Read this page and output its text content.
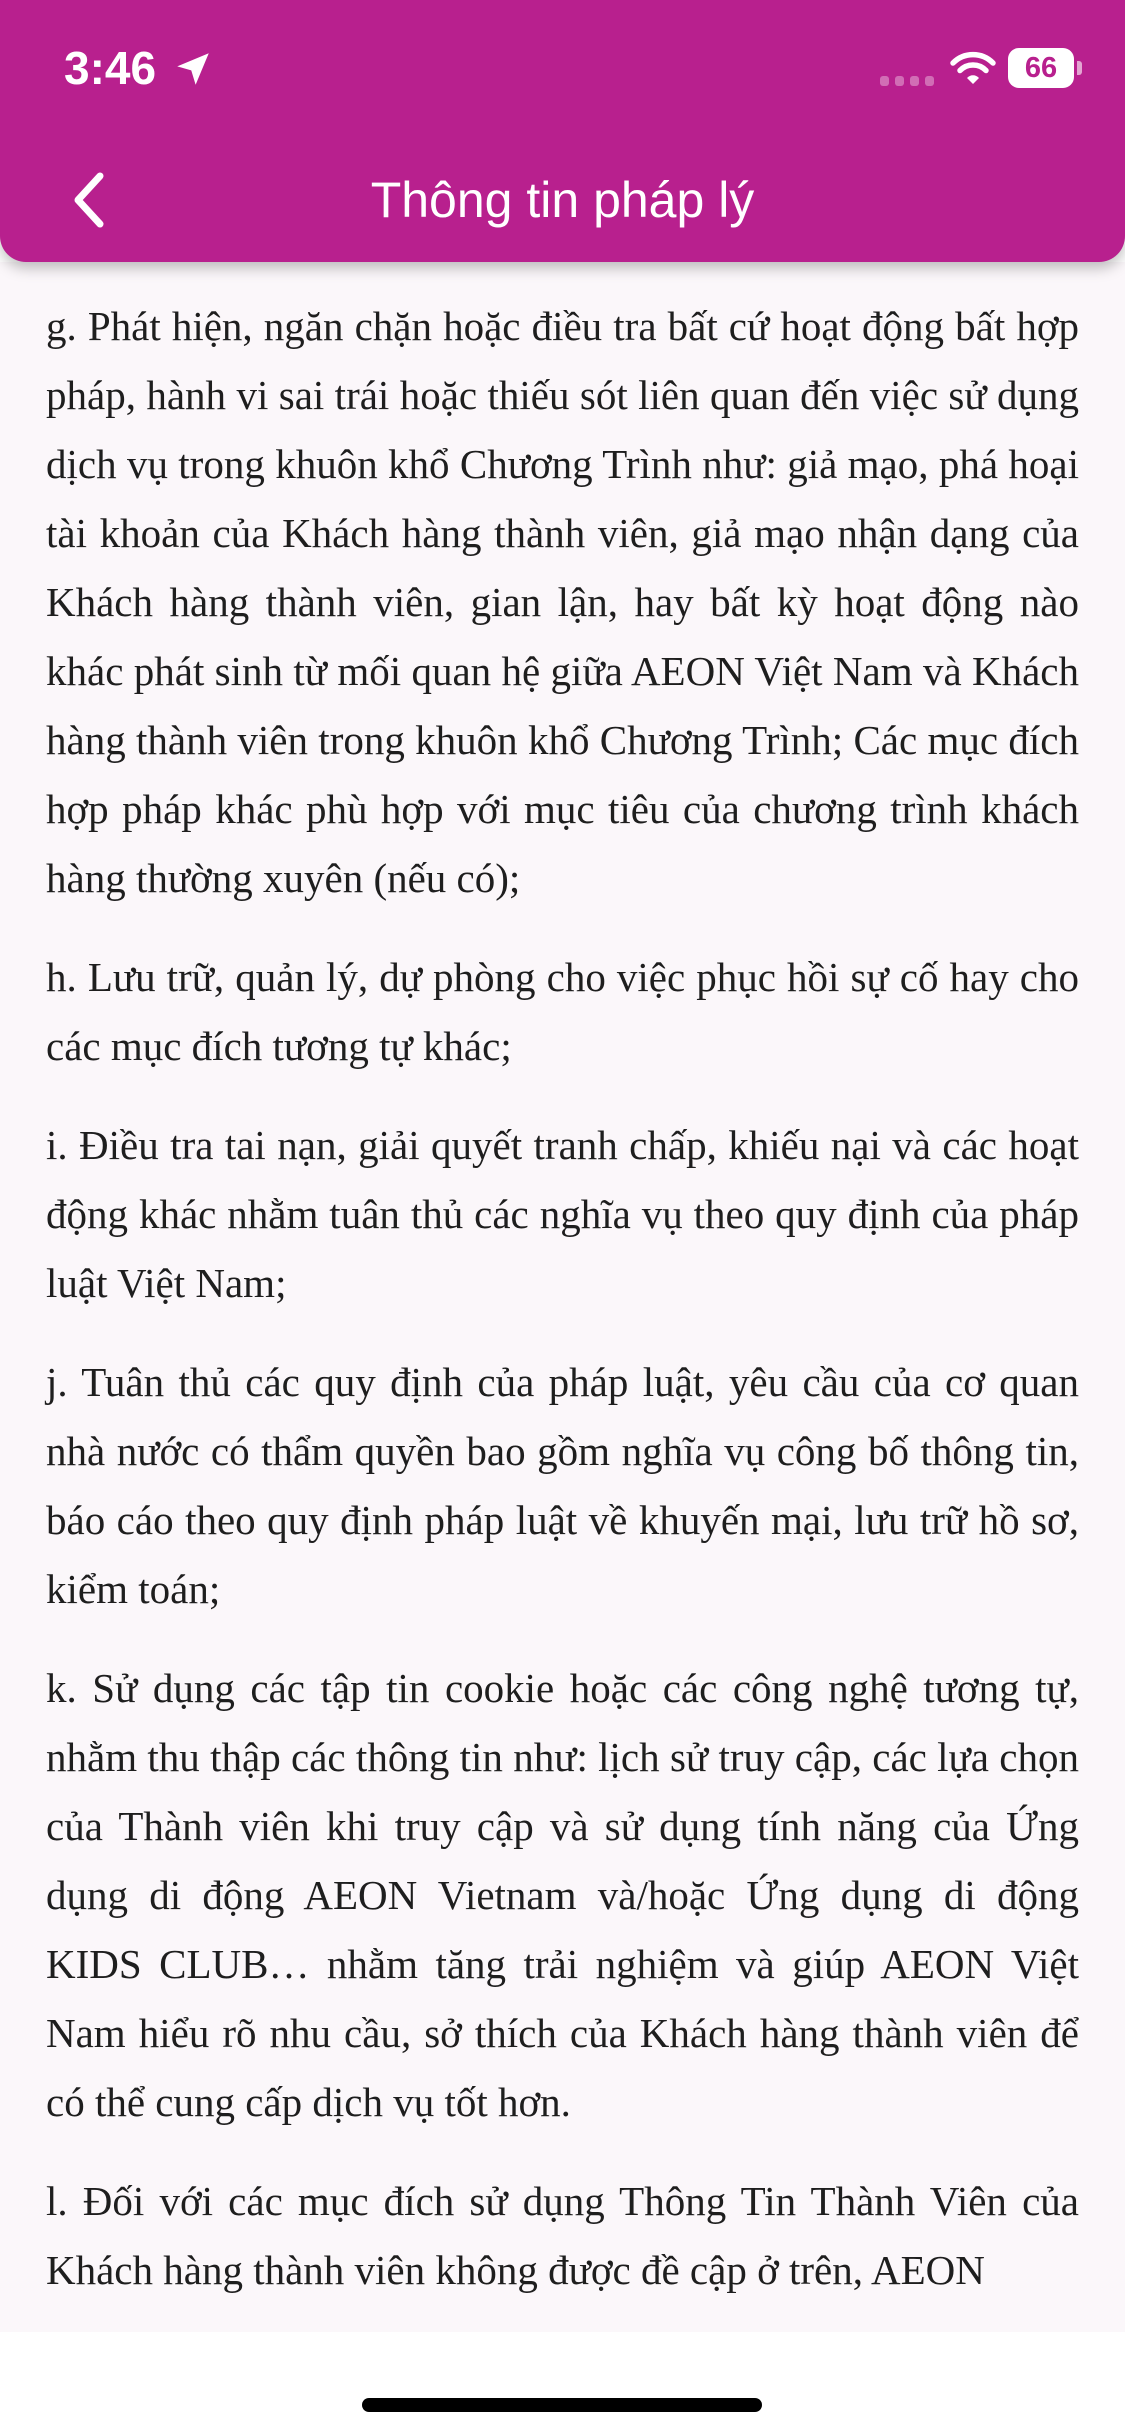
3:46	66
Thông tin pháp lý

g. Phát hiện, ngăn chặn hoặc điều tra bất cứ hoạt động bất hợp pháp, hành vi sai trái hoặc thiếu sót liên quan đến việc sử dụng dịch vụ trong khuôn khổ Chương Trình như: giả mạo, phá hoại tài khoản của Khách hàng thành viên, giả mạo nhận dạng của Khách hàng thành viên, gian lận, hay bất kỳ hoạt động nào khác phát sinh từ mối quan hệ giữa AEON Việt Nam và Khách hàng thành viên trong khuôn khổ Chương Trình; Các mục đích hợp pháp khác phù hợp với mục tiêu của chương trình khách hàng thường xuyên (nếu có);

h. Lưu trữ, quản lý, dự phòng cho việc phục hồi sự cố hay cho các mục đích tương tự khác;

i. Điều tra tai nạn, giải quyết tranh chấp, khiếu nại và các hoạt động khác nhằm tuân thủ các nghĩa vụ theo quy định của pháp luật Việt Nam;

j. Tuân thủ các quy định của pháp luật, yêu cầu của cơ quan nhà nước có thẩm quyền bao gồm nghĩa vụ công bố thông tin, báo cáo theo quy định pháp luật về khuyến mại, lưu trữ hồ sơ, kiểm toán;

k. Sử dụng các tập tin cookie hoặc các công nghệ tương tự, nhằm thu thập các thông tin như: lịch sử truy cập, các lựa chọn của Thành viên khi truy cập và sử dụng tính năng của Ứng dụng di động AEON Vietnam và/hoặc Ứng dụng di động KIDS CLUB… nhằm tăng trải nghiệm và giúp AEON Việt Nam hiểu rõ nhu cầu, sở thích của Khách hàng thành viên để có thể cung cấp dịch vụ tốt hơn.

l. Đối với các mục đích sử dụng Thông Tin Thành Viên của Khách hàng thành viên không được đề cập ở trên, AEON
